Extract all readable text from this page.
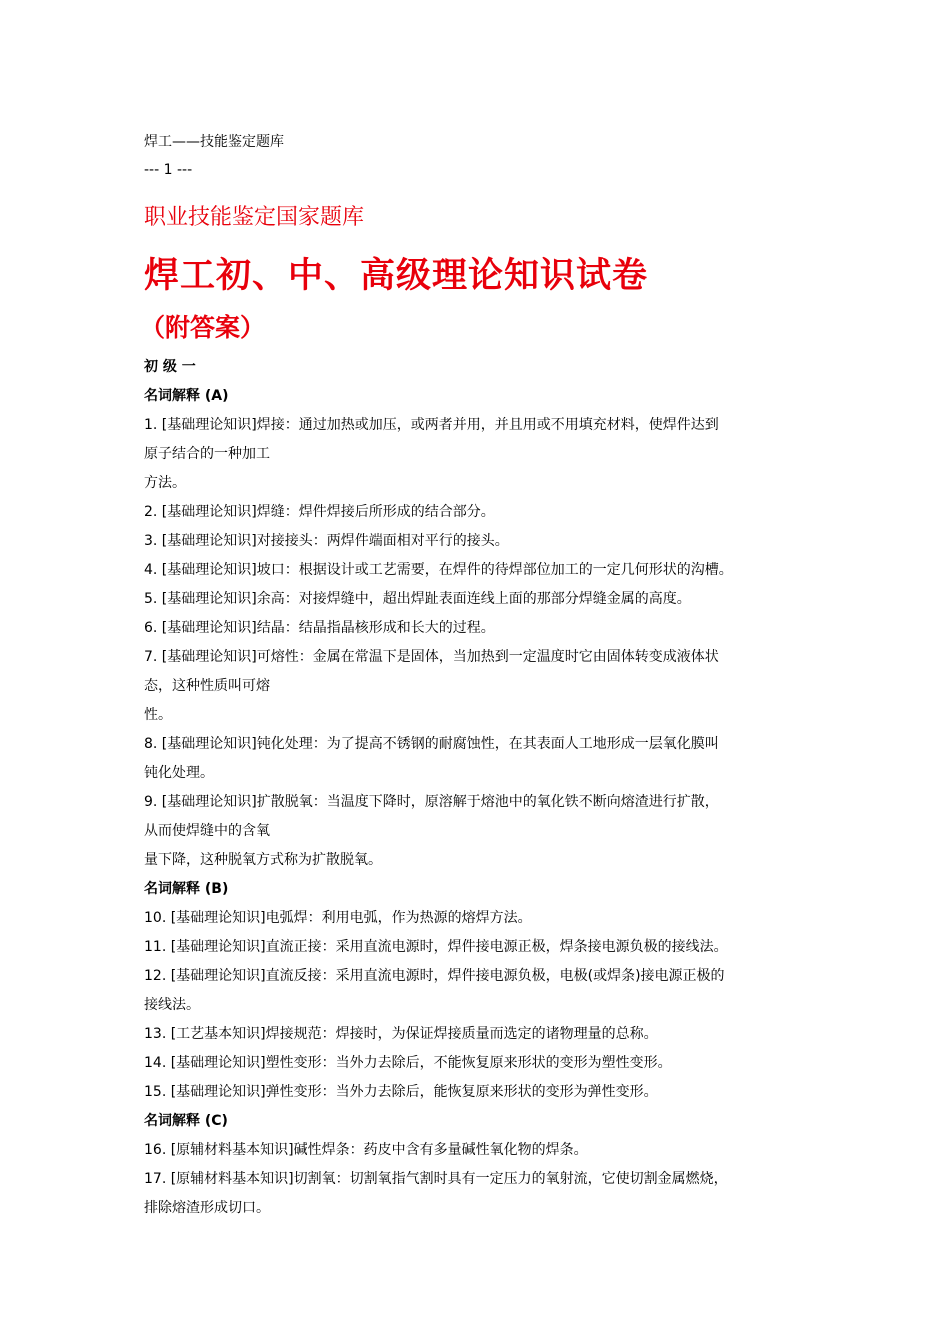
焊工——技能鉴定题库
--- 1 ---
职业技能鉴定国家题库
焊工初、中、高级理论知识试卷
（附答案）
初 级 一
名词解释 (A)
1. [基础理论知识]焊接：通过加热或加压，或两者并用，并且用或不用填充材料，使焊件达到
原子结合的一种加工
方法。
2. [基础理论知识]焊缝：焊件焊接后所形成的结合部分。
3. [基础理论知识]对接接头：两焊件端面相对平行的接头。
4. [基础理论知识]坡口：根据设计或工艺需要，在焊件的待焊部位加工的一定几何形状的沟槽。
5. [基础理论知识]余高：对接焊缝中，超出焊趾表面连线上面的那部分焊缝金属的高度。
6. [基础理论知识]结晶：结晶指晶核形成和长大的过程。
7. [基础理论知识]可熔性：金属在常温下是固体，当加热到一定温度时它由固体转变成液体状
态，这种性质叫可熔
性。
8. [基础理论知识]钝化处理：为了提高不锈钢的耐腐蚀性，在其表面人工地形成一层氧化膜叫
钝化处理。
9. [基础理论知识]扩散脱氧：当温度下降时，原溶解于熔池中的氧化铁不断向熔渣进行扩散，
从而使焊缝中的含氧
量下降，这种脱氧方式称为扩散脱氧。
名词解释 (B)
10. [基础理论知识]电弧焊：利用电弧，作为热源的熔焊方法。
11. [基础理论知识]直流正接：采用直流电源时，焊件接电源正极，焊条接电源负极的接线法。
12. [基础理论知识]直流反接：采用直流电源时，焊件接电源负极，电极(或焊条)接电源正极的
接线法。
13. [工艺基本知识]焊接规范：焊接时，为保证焊接质量而选定的诸物理量的总称。
14. [基础理论知识]塑性变形：当外力去除后，不能恢复原来形状的变形为塑性变形。
15. [基础理论知识]弹性变形：当外力去除后，能恢复原来形状的变形为弹性变形。
名词解释 (C)
16. [原辅材料基本知识]碱性焊条：药皮中含有多量碱性氧化物的焊条。
17. [原辅材料基本知识]切割氧：切割氧指气割时具有一定压力的氧射流，它使切割金属燃烧，
排除熔渣形成切口。
